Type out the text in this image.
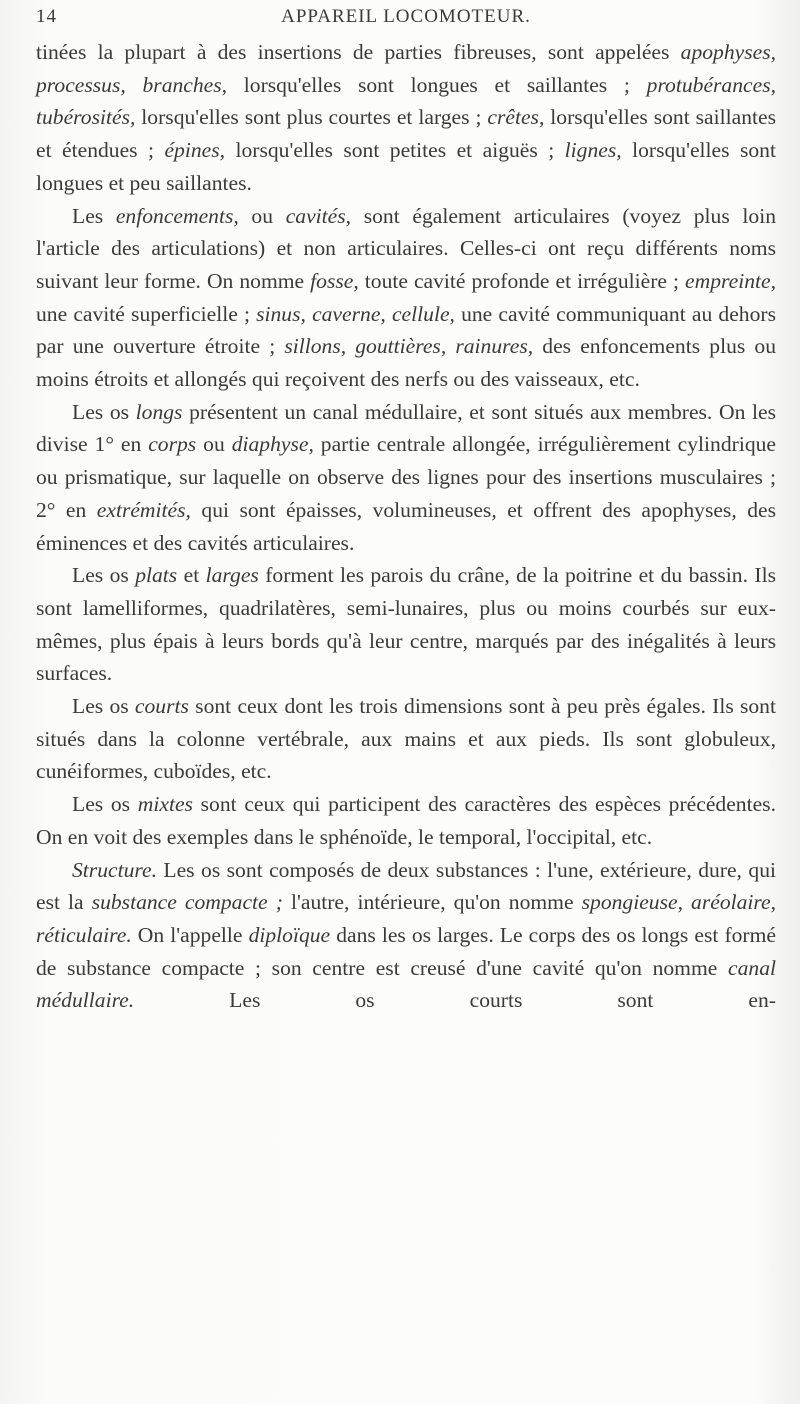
14	APPAREIL LOCOMOTEUR.

tinées la plupart à des insertions de parties fibreuses, sont appelées apophyses, processus, branches, lorsqu'elles sont longues et saillantes ; protubérances, tubérosités, lorsqu'elles sont plus courtes et larges ; crêtes, lorsqu'elles sont saillantes et étendues ; épines, lorsqu'elles sont petites et aiguës ; lignes, lorsqu'elles sont longues et peu saillantes.

Les enfoncements, ou cavités, sont également articulaires (voyez plus loin l'article des articulations) et non articulaires. Celles-ci ont reçu différents noms suivant leur forme. On nomme fosse, toute cavité profonde et irrégulière ; empreinte, une cavité superficielle ; sinus, caverne, cellule, une cavité communiquant au dehors par une ouverture étroite ; sillons, gouttières, rainures, des enfoncements plus ou moins étroits et allongés qui reçoivent des nerfs ou des vaisseaux, etc.

Les os longs présentent un canal médullaire, et sont situés aux membres. On les divise 1° en corps ou diaphyse, partie centrale allongée, irrégulièrement cylindrique ou prismatique, sur laquelle on observe des lignes pour des insertions musculaires ; 2° en extrémités, qui sont épaisses, volumineuses, et offrent des apophyses, des éminences et des cavités articulaires.

Les os plats et larges forment les parois du crâne, de la poitrine et du bassin. Ils sont lamelliformes, quadrilatères, semi-lunaires, plus ou moins courbés sur eux-mêmes, plus épais à leurs bords qu'à leur centre, marqués par des inégalités à leurs surfaces.

Les os courts sont ceux dont les trois dimensions sont à peu près égales. Ils sont situés dans la colonne vertébrale, aux mains et aux pieds. Ils sont globuleux, cunéiformes, cuboïdes, etc.

Les os mixtes sont ceux qui participent des caractères des espèces précédentes. On en voit des exemples dans le sphénoïde, le temporal, l'occipital, etc.

Structure. Les os sont composés de deux substances : l'une, extérieure, dure, qui est la substance compacte ; l'autre, intérieure, qu'on nomme spongieuse, aréolaire, réticulaire. On l'appelle diploïque dans les os larges. Le corps des os longs est formé de substance compacte ; son centre est creusé d'une cavité qu'on nomme canal médullaire. Les os courts sont en-
